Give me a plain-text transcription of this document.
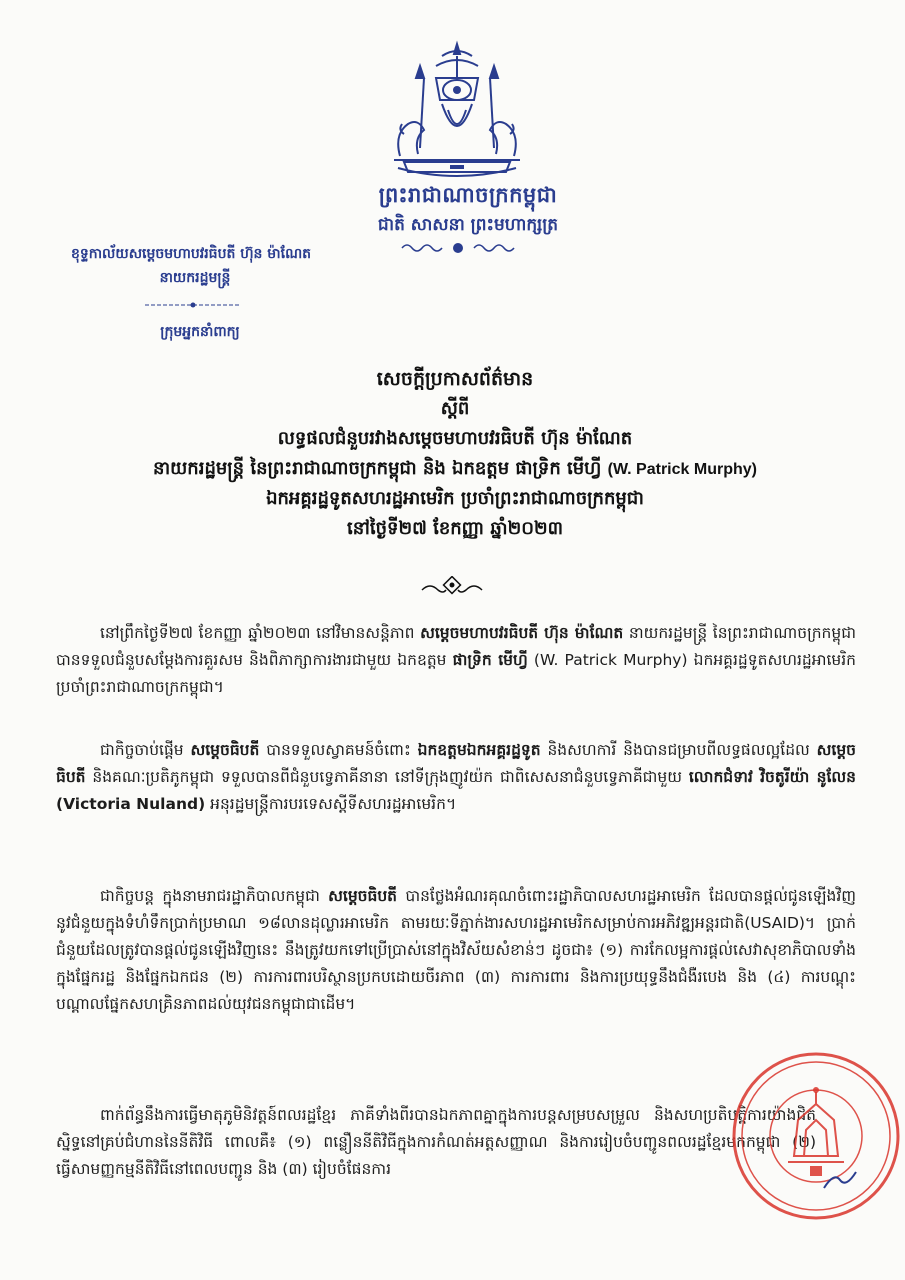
ព្រះរាជាណាចក្រកម្ពុជា
ជាតិ សាសនា ព្រះមហាក្សត្រ
ខុទ្ទកាល័យសម្តេចមហាបវរធិបតី ហ៊ុន ម៉ាណែត
នាយករដ្ឋមន្ត្រី
ក្រុមអ្នកនាំពាក្យ
សេចក្តីប្រកាសព័ត៌មាន
ស្តីពី
លទ្ធផលជំនួបរវាងសម្តេចមហាបវរធិបតី ហ៊ុន ម៉ាណែត
នាយករដ្ឋមន្ត្រី នៃព្រះរាជាណាចក្រកម្ពុជា និង ឯកឧត្តម ផាទ្រិក មើហ្វី (W. Patrick Murphy)
ឯកអគ្គរដ្ឋទូតសហរដ្ឋអាមេរិក ប្រចាំព្រះរាជាណាចក្រកម្ពុជា
នៅថ្ងៃទី២៧ ខែកញ្ញា ឆ្នាំ២០២៣
នៅព្រឹកថ្ងៃទី២៧ ខែកញ្ញា ឆ្នាំ២០២៣ នៅវិមានសន្តិភាព សម្តេចមហាបវរធិបតី ហ៊ុន ម៉ាណែត នាយករដ្ឋមន្ត្រី នៃព្រះរាជាណាចក្រកម្ពុជា បានទទួលជំនួបសម្តែងការគួរសម និងពិភាក្សាការងារជាមួយ ឯកឧត្តម ផាទ្រិក មើហ្វី (W. Patrick Murphy) ឯកអគ្គរដ្ឋទូតសហរដ្ឋអាមេរិក ប្រចាំព្រះរាជាណាចក្រកម្ពុជា។
ជាកិច្ចចាប់ផ្តើម សម្តេចធិបតី បានទទួលស្វាគមន៍ចំពោះ ឯកឧត្តមឯកអគ្គរដ្ឋទូត និងសហការី និងបានជម្រាបពីលទ្ធផលល្អដែល សម្តេចធិបតី និងគណៈប្រតិភូកម្ពុជា ទទួលបានពីជំនួបទ្វេភាគីនានា នៅទីក្រុងញូវយ៉ក ជាពិសេសនាជំនួបទ្វេភាគីជាមួយ លោកជំទាវ វិចតូរីយ៉ា នូលែន (Victoria Nuland) អនុរដ្ឋមន្ត្រីការបរទេសស្តីទីសហរដ្ឋអាមេរិក។
ជាកិច្ចបន្ត ក្នុងនាមរាជរដ្ឋាភិបាលកម្ពុជា សម្តេចធិបតី បានថ្លែងអំណរគុណចំពោះរដ្ឋាភិបាលសហរដ្ឋអាមេរិក ដែលបានផ្តល់ជូនឡើងវិញនូវជំនួយក្នុងទំហំទឹកប្រាក់ប្រមាណ ១៨លានដុល្លារអាមេរិក តាមរយៈទីភ្នាក់ងារសហរដ្ឋអាមេរិកសម្រាប់ការអភិវឌ្ឍអន្តរជាតិ(USAID)។ ប្រាក់ជំនួយដែលត្រូវបានផ្តល់ជូនឡើងវិញនេះ នឹងត្រូវយកទៅប្រើប្រាស់នៅក្នុងវិស័យសំខាន់ៗ ដូចជា៖ (១) ការកែលម្អការផ្តល់សេវាសុខាភិបាលទាំងក្នុងផ្នែករដ្ឋ និងផ្នែកឯកជន (២) ការការពារបរិស្ថានប្រកបដោយចីរភាព (៣) ការការពារ និងការប្រយុទ្ធនឹងជំងឺរបេង និង (៤) ការបណ្តុះបណ្តាលផ្នែកសហគ្រិនភាពដល់យុវជនកម្ពុជាជាដើម។
ពាក់ព័ន្ធនឹងការធ្វើមាតុភូមិនិវត្តន៍ពលរដ្ឋខ្មែរ ភាគីទាំងពីរបានឯកភាពគ្នាក្នុងការបន្តសម្របសម្រួល និងសហប្រតិបត្តិការយ៉ាងជិតស្និទ្ធនៅគ្រប់ជំហាននៃនីតិវិធី ពោលគឺ៖ (១) ពន្លឿននីតិវិធីក្នុងការកំណត់អត្តសញ្ញាណ និងការរៀបចំបញ្ជូនពលរដ្ឋខ្មែរមកកម្ពុជា (២) ធ្វើសាមញ្ញកម្មនីតិវិធីនៅពេលបញ្ជូន និង (៣) រៀបចំផែនការ
